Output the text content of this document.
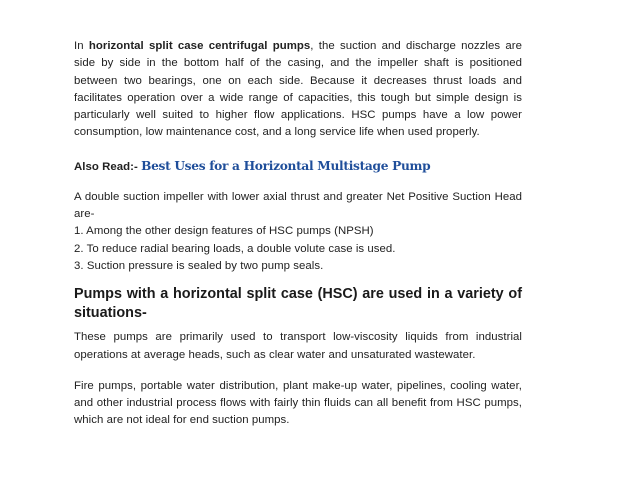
In horizontal split case centrifugal pumps, the suction and discharge nozzles are side by side in the bottom half of the casing, and the impeller shaft is positioned between two bearings, one on each side. Because it decreases thrust loads and facilitates operation over a wide range of capacities, this tough but simple design is particularly well suited to higher flow applications. HSC pumps have a low power consumption, low maintenance cost, and a long service life when used properly.

Also Read:- Best Uses for a Horizontal Multistage Pump

A double suction impeller with lower axial thrust and greater Net Positive Suction Head are-
1. Among the other design features of HSC pumps (NPSH)
2. To reduce radial bearing loads, a double volute case is used.
3. Suction pressure is sealed by two pump seals.

Pumps with a horizontal split case (HSC) are used in a variety of
situations-

These pumps are primarily used to transport low-viscosity liquids from industrial operations at average heads, such as clear water and unsaturated wastewater.

Fire pumps, portable water distribution, plant make-up water, pipelines, cooling water, and other industrial process flows with fairly thin fluids can all benefit from HSC pumps, which are not ideal for end suction pumps.
